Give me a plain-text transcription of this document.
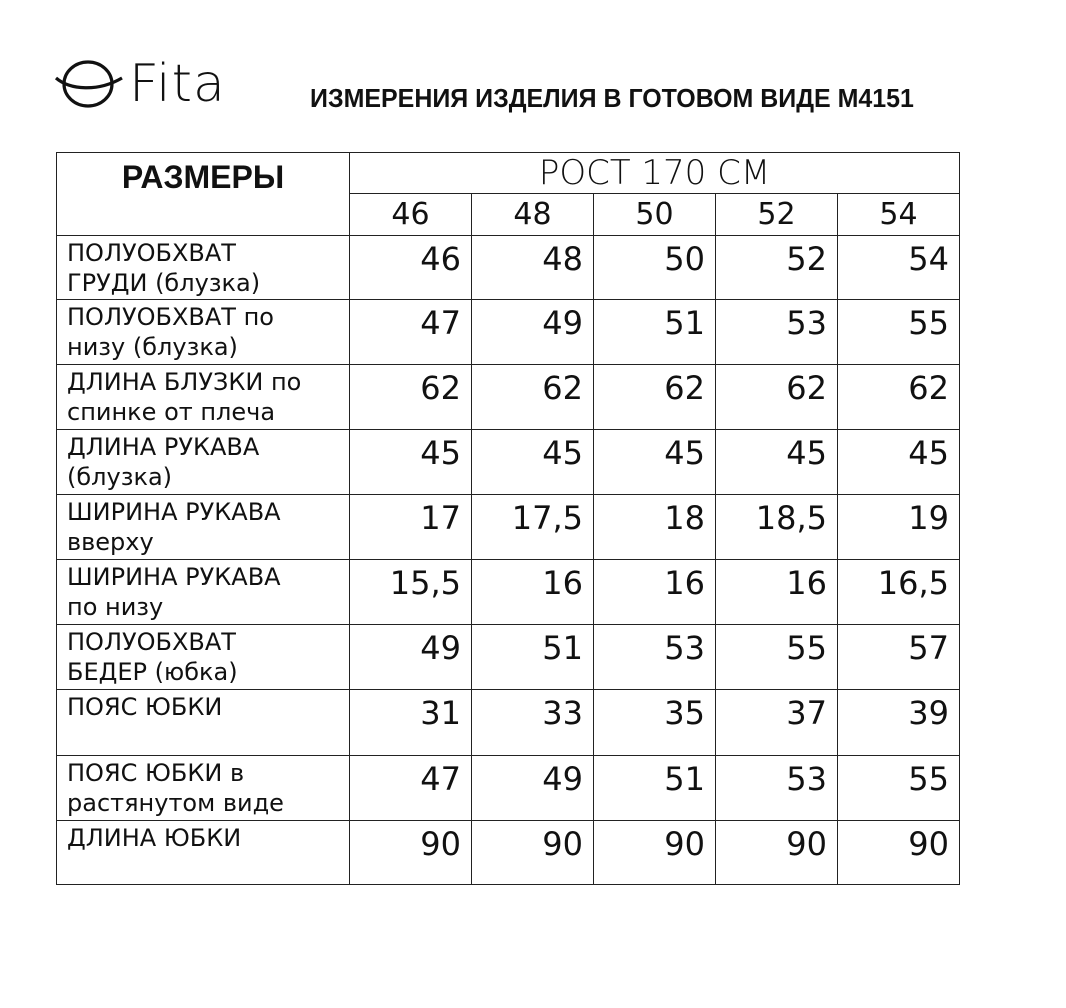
Fita	ИЗМЕРЕНИЯ ИЗДЕЛИЯ В ГОТОВОМ ВИДЕ М4151
РАЗМЕРЫ	РОСТ 170 СМ				
	46	48	50	52	54
ПОЛУОБХВАТ
ГРУДИ (блузка)	46	48	50	52	54
ПОЛУОБХВАТ по
низу (блузка)	47	49	51	53	55
ДЛИНА БЛУЗКИ по
спинке от плеча	62	62	62	62	62
ДЛИНА РУКАВА
(блузка)	45	45	45	45	45
ШИРИНА РУКАВА
вверху	17	17,5	18	18,5	19
ШИРИНА РУКАВА
по низу	15,5	16	16	16	16,5
ПОЛУОБХВАТ
БЕДЕР (юбка)	49	51	53	55	57
ПОЯС ЮБКИ	31	33	35	37	39
ПОЯС ЮБКИ в
растянутом виде	47	49	51	53	55
ДЛИНА ЮБКИ	90	90	90	90	90
